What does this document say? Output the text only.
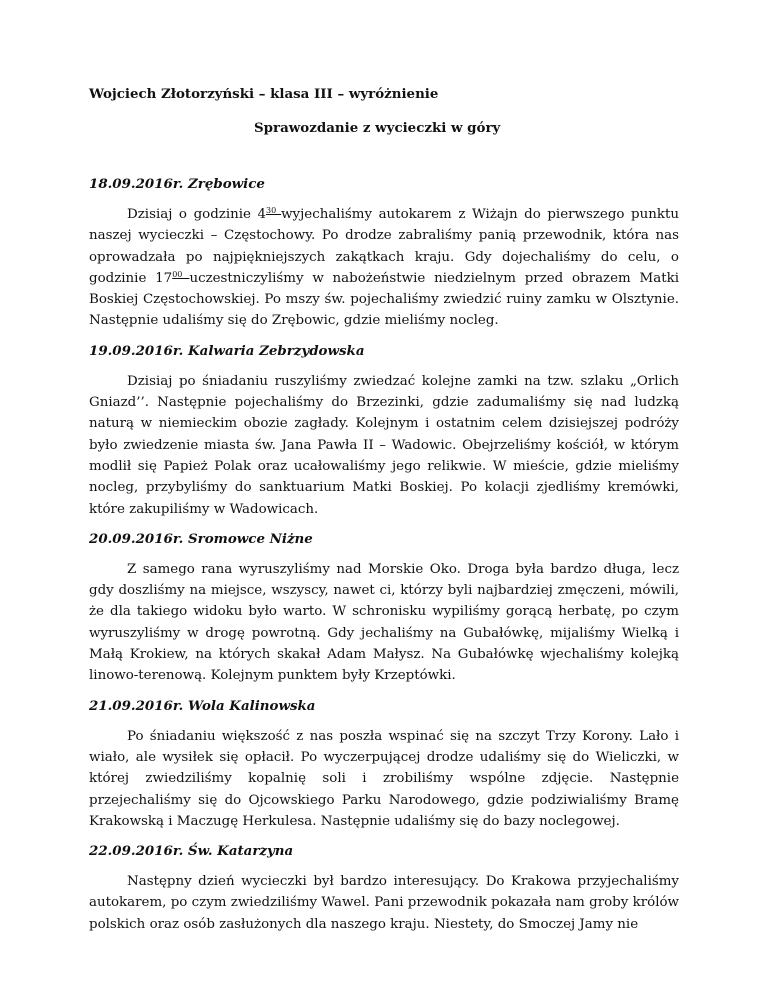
Wojciech Złotorzyński – klasa III – wyróżnienie
Sprawozdanie z wycieczki w góry
18.09.2016r. Zrębowice

Dzisiaj o godzinie $4^{30}$ wyjechaliśmy autokarem z Wiżajn do pierwszego punktu naszej wycieczki – Częstochowy. Po drodze zabraliśmy panią przewodnik, która nas oprowadzała po najpiękniejszych zakątkach kraju. Gdy dojechaliśmy do celu, o godzinie $17^{00}$ uczestniczyliśmy w nabożeństwie niedzielnym przed obrazem Matki Boskiej Częstochowskiej. Po mszy św. pojechaliśmy zwiedzić ruiny zamku w Olsztynie. Następnie udaliśmy się do Zrębowic, gdzie mieliśmy nocleg.

19.09.2016r. Kalwaria Zebrzydowska

Dzisiaj po śniadaniu ruszyliśmy zwiedzać kolejne zamki na tzw. szlaku „Orlich Gniazd’’. Następnie pojechaliśmy do Brzezinki, gdzie zadumaliśmy się nad ludzką naturą w niemieckim obozie zagłady. Kolejnym i ostatnim celem dzisiejszej podróży było zwiedzenie miasta św. Jana Pawła II – Wadowic. Obejrzeliśmy kościół, w którym modlił się Papież Polak oraz ucałowaliśmy jego relikwie. W mieście, gdzie mieliśmy nocleg, przybyliśmy do sanktuarium Matki Boskiej. Po kolacji zjedliśmy kremówki, które zakupiliśmy w Wadowicach.

20.09.2016r. Sromowce Niżne

Z samego rana wyruszyliśmy nad Morskie Oko. Droga była bardzo długa, lecz gdy doszliśmy na miejsce, wszyscy, nawet ci, którzy byli najbardziej zmęczeni, mówili, że dla takiego widoku było warto. W schronisku wypiliśmy gorącą herbatę, po czym wyruszyliśmy w drogę powrotną. Gdy jechaliśmy na Gubałówkę, mijaliśmy Wielką i Małą Krokiew, na których skakał Adam Małysz. Na Gubałówkę wjechaliśmy kolejką linowo-terenową. Kolejnym punktem były Krzeptówki.

21.09.2016r. Wola Kalinowska

Po śniadaniu większość z nas poszła wspinać się na szczyt Trzy Korony. Lało i wiało, ale wysiłek się opłacił. Po wyczerpującej drodze udaliśmy się do Wieliczki, w której zwiedziliśmy kopalnię soli i zrobiliśmy wspólne zdjęcie. Następnie przejechaliśmy się do Ojcowskiego Parku Narodowego, gdzie podziwialiśmy Bramę Krakowską i Maczugę Herkulesa. Następnie udaliśmy się do bazy noclegowej.

22.09.2016r. Św. Katarzyna

Następny dzień wycieczki był bardzo interesujący. Do Krakowa przyjechaliśmy autokarem, po czym zwiedziliśmy Wawel. Pani przewodnik pokazała nam groby królów polskich oraz osób zasłużonych dla naszego kraju. Niestety, do Smoczej Jamy nie
